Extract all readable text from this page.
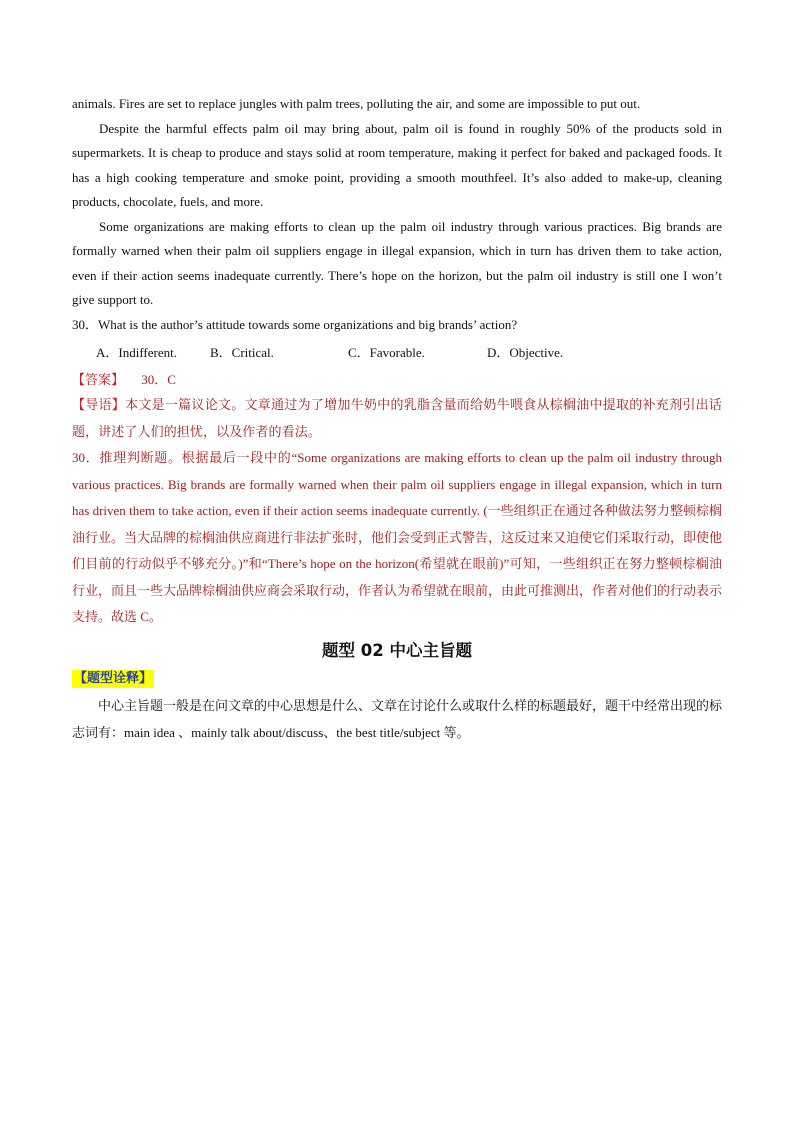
animals. Fires are set to replace jungles with palm trees, polluting the air, and some are impossible to put out.

Despite the harmful effects palm oil may bring about, palm oil is found in roughly 50% of the products sold in supermarkets. It is cheap to produce and stays solid at room temperature, making it perfect for baked and packaged foods. It has a high cooking temperature and smoke point, providing a smooth mouthfeel. It’s also added to make-up, cleaning products, chocolate, fuels, and more.

Some organizations are making efforts to clean up the palm oil industry through various practices. Big brands are formally warned when their palm oil suppliers engage in illegal expansion, which in turn has driven them to take action, even if their action seems inadequate currently. There’s hope on the horizon, but the palm oil industry is still one I won’t give support to.

30．What is the author’s attitude towards some organizations and big brands’ action?

A．Indifferent.	B．Critical.	C．Favorable.	D．Objective.
【答案】 30．C

【导语】本文是一篇议论文。文章通过为了增加牛奶中的乳脂含量而给奶牛喂食从棕榈油中提取的补充剂引出话题，讲述了人们的担忧，以及作者的看法。

30．推理判断题。根据最后一段中的“Some organizations are making efforts to clean up the palm oil industry through various practices. Big brands are formally warned when their palm oil suppliers engage in illegal expansion, which in turn has driven them to take action, even if their action seems inadequate currently. (一些组织正在通过各种做法努力整顿棕榈油行业。当大品牌的棕榈油供应商进行非法扩张时，他们会受到正式警告，这反过来又迫使它们采取行动，即使他们目前的行动似乎不够充分。)”和“There’s hope on the horizon(希望就在眼前)”可知，一些组织正在努力整顿棕榈油行业，而且一些大品牌棕榈油供应商会采取行动，作者认为希望就在眼前，由此可推测出，作者对他们的行动表示支持。故选 C。

题型 02 中心主旨题
【题型诠释】

中心主旨题一般是在问文章的中心思想是什么、文章在讨论什么或取什么样的标题最好，题干中经常出现的标志词有：main idea 、mainly talk about/discuss、the best title/subject 等。
